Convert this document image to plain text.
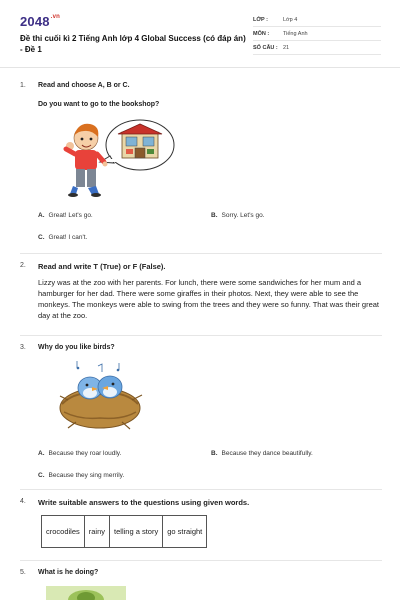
$2048^{.vn}$
Đề thi cuối kì 2 Tiếng Anh lớp 4 Global Success (có đáp án) - Đề 1
LỚP :	Lớp 4
MÔN :	Tiếng Anh
SỐ CÂU : 21
1. Read and choose A, B or C.
Do you want to go to the bookshop?
A. Great! Let's go.	B. Sorry. Let's go.
C. Great! I can't.
2. Read and write T (True) or F (False).
Lizzy was at the zoo with her parents. For lunch, there were some sandwiches for her mum and a hamburger for her dad. There were some giraffes in their photos. Next, they were able to see the monkeys. The monkeys were able to swing from the trees and they were so funny. That was their great day at the zoo.
3. Why do you like birds?
A. Because they roar loudly.	B. Because they dance beautifully.
C. Because they sing merrily.
4. Write suitable answers to the questions using given words.
crocodiles	rainy	telling a story	go straight
5. What is he doing?
